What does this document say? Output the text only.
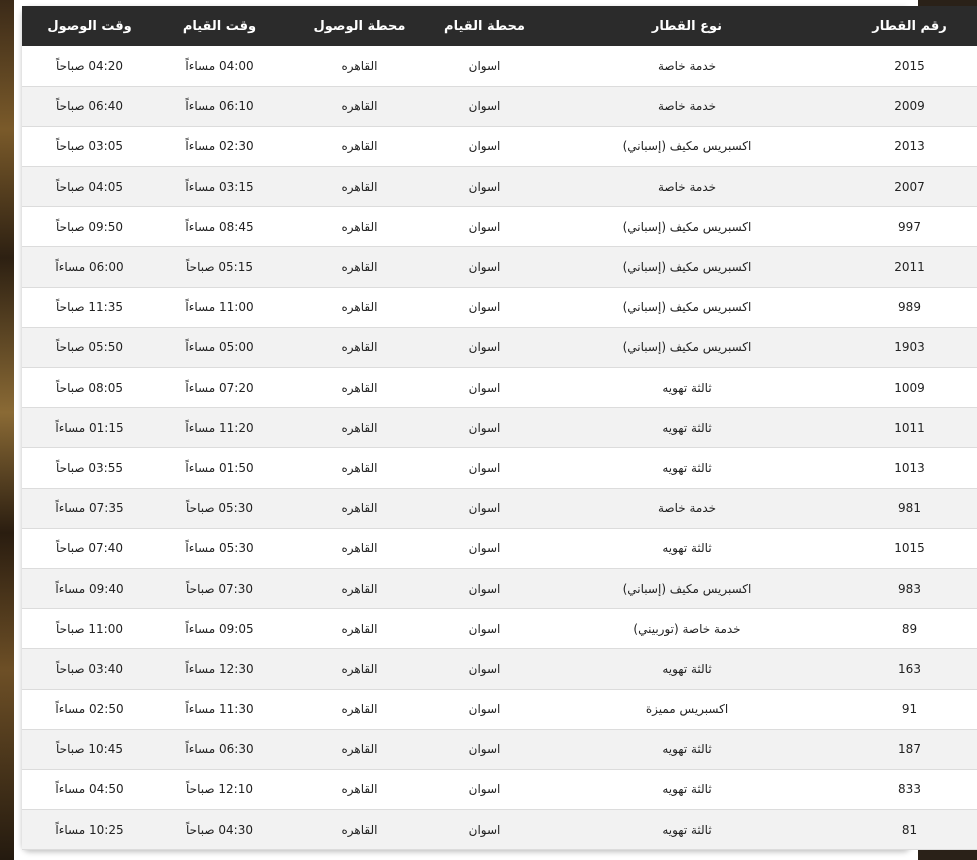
رقم القطار	نوع القطار	محطة القيام	محطة الوصول	وقت القيام	وقت الوصول
2015	خدمة خاصة	اسوان	القاهره	04:00 مساءاً	04:20 صباحاً
2009	خدمة خاصة	اسوان	القاهره	06:10 مساءاً	06:40 صباحاً
2013	اكسبريس مكيف (إسباني)	اسوان	القاهره	02:30 مساءاً	03:05 صباحاً
2007	خدمة خاصة	اسوان	القاهره	03:15 مساءاً	04:05 صباحاً
997	اكسبريس مكيف (إسباني)	اسوان	القاهره	08:45 مساءاً	09:50 صباحاً
2011	اكسبريس مكيف (إسباني)	اسوان	القاهره	05:15 صباحاً	06:00 مساءاً
989	اكسبريس مكيف (إسباني)	اسوان	القاهره	11:00 مساءاً	11:35 صباحاً
1903	اكسبريس مكيف (إسباني)	اسوان	القاهره	05:00 مساءاً	05:50 صباحاً
1009	ثالثة تهويه	اسوان	القاهره	07:20 مساءاً	08:05 صباحاً
1011	ثالثة تهويه	اسوان	القاهره	11:20 مساءاً	01:15 مساءاً
1013	ثالثة تهويه	اسوان	القاهره	01:50 مساءاً	03:55 صباحاً
981	خدمة خاصة	اسوان	القاهره	05:30 صباحاً	07:35 مساءاً
1015	ثالثة تهويه	اسوان	القاهره	05:30 مساءاً	07:40 صباحاً
983	اكسبريس مكيف (إسباني)	اسوان	القاهره	07:30 صباحاً	09:40 مساءاً
89	خدمة خاصة (توربيني)	اسوان	القاهره	09:05 مساءاً	11:00 صباحاً
163	ثالثة تهويه	اسوان	القاهره	12:30 مساءاً	03:40 صباحاً
91	اكسبريس مميزة	اسوان	القاهره	11:30 مساءاً	02:50 مساءاً
187	ثالثة تهويه	اسوان	القاهره	06:30 مساءاً	10:45 صباحاً
833	ثالثة تهويه	اسوان	القاهره	12:10 صباحاً	04:50 مساءاً
81	ثالثة تهويه	اسوان	القاهره	04:30 صباحاً	10:25 مساءاً
